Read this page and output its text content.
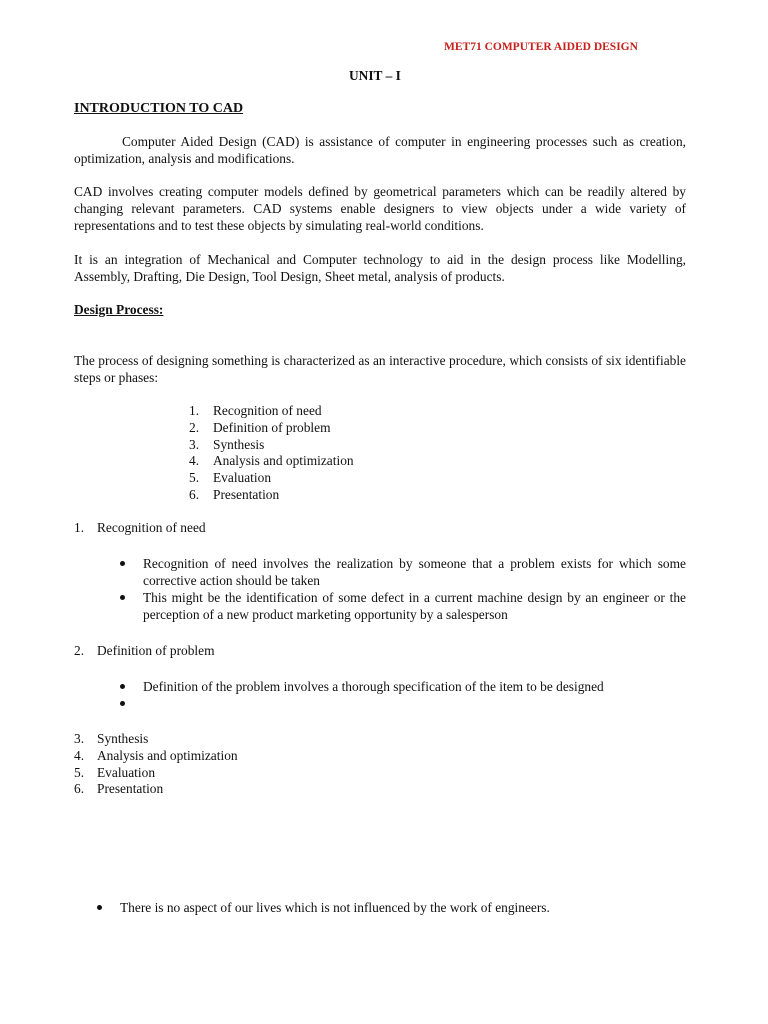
MET71 COMPUTER AIDED DESIGN
UNIT – I
INTRODUCTION TO CAD
Computer Aided Design (CAD) is assistance of computer in engineering processes such as creation, optimization, analysis and modifications.
CAD involves creating computer models defined by geometrical parameters which can be readily altered by changing relevant parameters. CAD systems enable designers to view objects under a wide variety of representations and to test these objects by simulating real-world conditions.
It is an integration of Mechanical and Computer technology to aid in the design process like Modelling, Assembly, Drafting, Die Design, Tool Design, Sheet metal, analysis of products.
Design Process:
The process of designing something is characterized as an interactive procedure, which consists of six identifiable steps or phases:
1. Recognition of need
2. Definition of problem
3. Synthesis
4. Analysis and optimization
5. Evaluation
6. Presentation
1. Recognition of need
Recognition of need involves the realization by someone that a problem exists for which some corrective action should be taken
This might be the identification of some defect in a current machine design by an engineer or the perception of a new product marketing opportunity by a salesperson
2. Definition of problem
Definition of the problem involves a thorough specification of the item to be designed
3. Synthesis
4. Analysis and optimization
5. Evaluation
6. Presentation
There is no aspect of our lives which is not influenced by the work of engineers.
